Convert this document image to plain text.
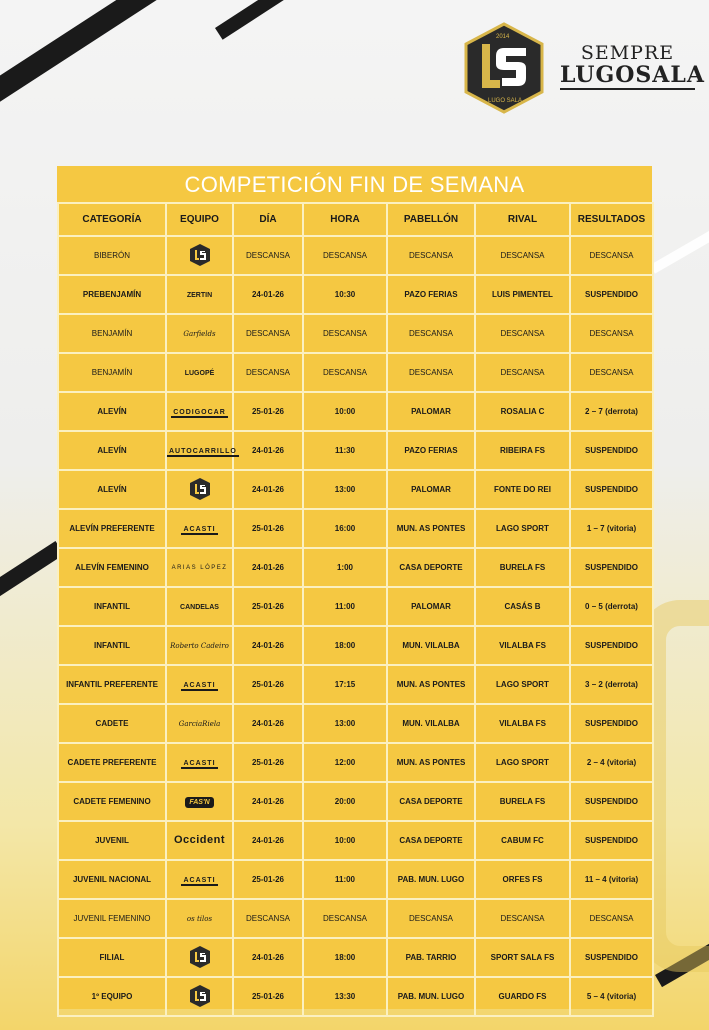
2014
LUGO SALA
SEMPRE
LUGOSALA
COMPETICIÓN FIN DE SEMANA
CATEGORÍA	EQUIPO	DÍA	HORA	PABELLÓN	RIVAL	RESULTADOS
BIBERÓN		DESCANSA	DESCANSA	DESCANSA	DESCANSA	DESCANSA
PREBENJAMÍN	ZERTIN	24-01-26	10:30	PAZO FERIAS	LUIS PIMENTEL	SUSPENDIDO
BENJAMÍN	Garfields	DESCANSA	DESCANSA	DESCANSA	DESCANSA	DESCANSA
BENJAMÍN	LUGOPÉ	DESCANSA	DESCANSA	DESCANSA	DESCANSA	DESCANSA
ALEVÍN	CODIGOCAR	25-01-26	10:00	PALOMAR	ROSALIA C	2 – 7 (derrota)
ALEVÍN	AUTOCARRILLO	24-01-26	11:30	PAZO FERIAS	RIBEIRA FS	SUSPENDIDO
ALEVÍN		24-01-26	13:00	PALOMAR	FONTE DO REI	SUSPENDIDO
ALEVÍN PREFERENTE	ACASTI	25-01-26	16:00	MUN. AS PONTES	LAGO SPORT	1 – 7 (vitoria)
ALEVÍN FEMENINO	ARIAS LÓPEZ	24-01-26	1:00	CASA DEPORTE	BURELA FS	SUSPENDIDO
INFANTIL	CANDELAS	25-01-26	11:00	PALOMAR	CASÁS B	0 – 5 (derrota)
INFANTIL	Roberto Cadeiro	24-01-26	18:00	MUN. VILALBA	VILALBA FS	SUSPENDIDO
INFANTIL PREFERENTE	ACASTI	25-01-26	17:15	MUN. AS PONTES	LAGO SPORT	3 – 2 (derrota)
CADETE	GarciaRiela	24-01-26	13:00	MUN. VILALBA	VILALBA FS	SUSPENDIDO
CADETE PREFERENTE	ACASTI	25-01-26	12:00	MUN. AS PONTES	LAGO SPORT	2 – 4 (vitoria)
CADETE FEMENINO	FAS'N	24-01-26	20:00	CASA DEPORTE	BURELA FS	SUSPENDIDO
JUVENIL	Occident	24-01-26	10:00	CASA DEPORTE	CABUM FC	SUSPENDIDO
JUVENIL NACIONAL	ACASTI	25-01-26	11:00	PAB. MUN. LUGO	ORFES FS	11 – 4 (vitoria)
JUVENIL FEMENINO	os tilos	DESCANSA	DESCANSA	DESCANSA	DESCANSA	DESCANSA
FILIAL		24-01-26	18:00	PAB. TARRIO	SPORT SALA FS	SUSPENDIDO
1º EQUIPO		25-01-26	13:30	PAB. MUN. LUGO	GUARDO FS	5 – 4 (vitoria)
